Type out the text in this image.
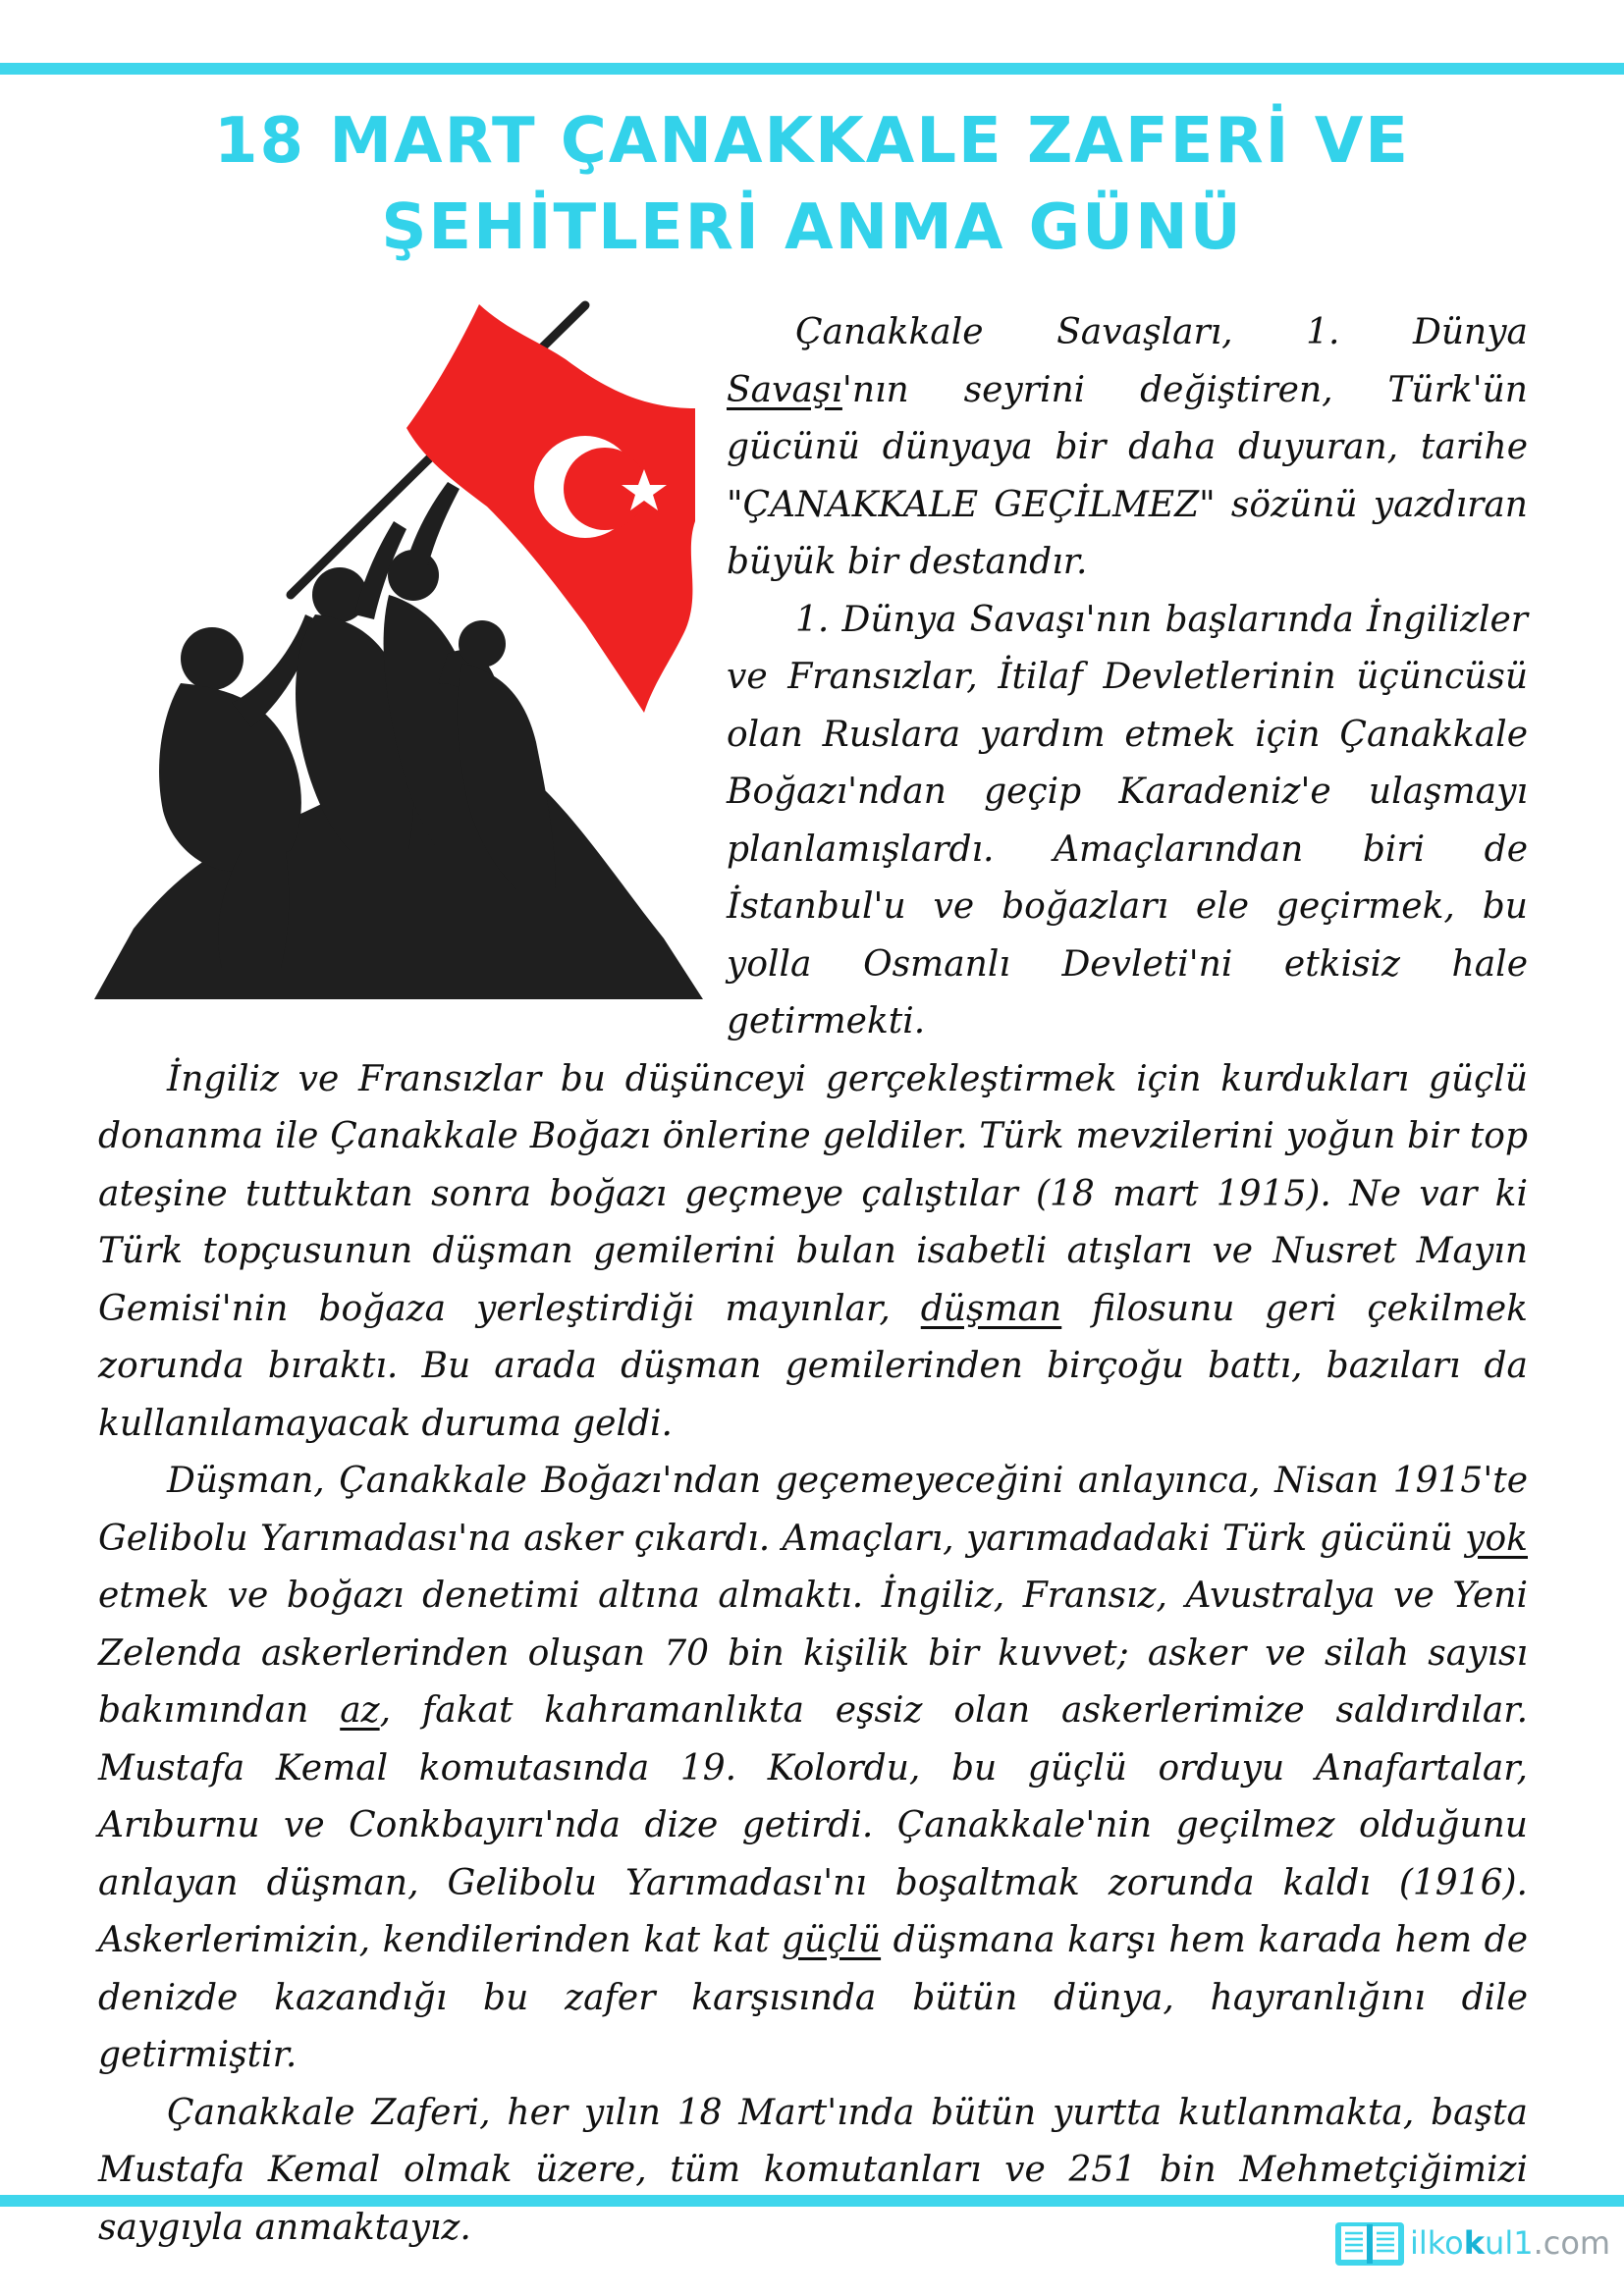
18 MART ÇANAKKALE ZAFERİ VE
ŞEHİTLERİ ANMA GÜNÜ

Çanakkale Savaşları, 1. Dünya Savaşı'nın seyrini değiştiren, Türk'ün gücünü dünyaya bir daha duyuran, tarihe "ÇANAKKALE GEÇİLMEZ" sözünü yazdıran büyük bir destandır.

1. Dünya Savaşı'nın başlarında İngilizler ve Fransızlar, İtilaf Devletlerinin üçüncüsü olan Ruslara yardım etmek için Çanakkale Boğazı'ndan geçip Karadeniz'e ulaşmayı planlamışlardı. Amaçlarından biri de İstanbul'u ve boğazları ele geçirmek, bu yolla Osmanlı Devleti'ni etkisiz hale getirmekti.

İngiliz ve Fransızlar bu düşünceyi gerçekleştirmek için kurdukları güçlü donanma ile Çanakkale Boğazı önlerine geldiler. Türk mevzilerini yoğun bir top ateşine tuttuktan sonra boğazı geçmeye çalıştılar (18 mart 1915). Ne var ki Türk topçusunun düşman gemilerini bulan isabetli atışları ve Nusret Mayın Gemisi'nin boğaza yerleştirdiği mayınlar, düşman filosunu geri çekilmek zorunda bıraktı. Bu arada düşman gemilerinden birçoğu battı, bazıları da kullanılamayacak duruma geldi.

Düşman, Çanakkale Boğazı'ndan geçemeyeceğini anlayınca, Nisan 1915'te Gelibolu Yarımadası'na asker çıkardı. Amaçları, yarımadadaki Türk gücünü yok etmek ve boğazı denetimi altına almaktı. İngiliz, Fransız, Avustralya ve Yeni Zelenda askerlerinden oluşan 70 bin kişilik bir kuvvet; asker ve silah sayısı bakımından az, fakat kahramanlıkta eşsiz olan askerlerimize saldırdılar. Mustafa Kemal komutasında 19. Kolordu, bu güçlü orduyu Anafartalar, Arıburnu ve Conkbayırı'nda dize getirdi. Çanakkale'nin geçilmez olduğunu anlayan düşman, Gelibolu Yarımadası'nı boşaltmak zorunda kaldı (1916). Askerlerimizin, kendilerinden kat kat güçlü düşmana karşı hem karada hem de denizde kazandığı bu zafer karşısında bütün dünya, hayranlığını dile getirmiştir.

Çanakkale Zaferi, her yılın 18 Mart'ında bütün yurtta kutlanmakta, başta Mustafa Kemal olmak üzere, tüm komutanları ve 251 bin Mehmetçiğimizi saygıyla anmaktayız.	ilkokul1.com
